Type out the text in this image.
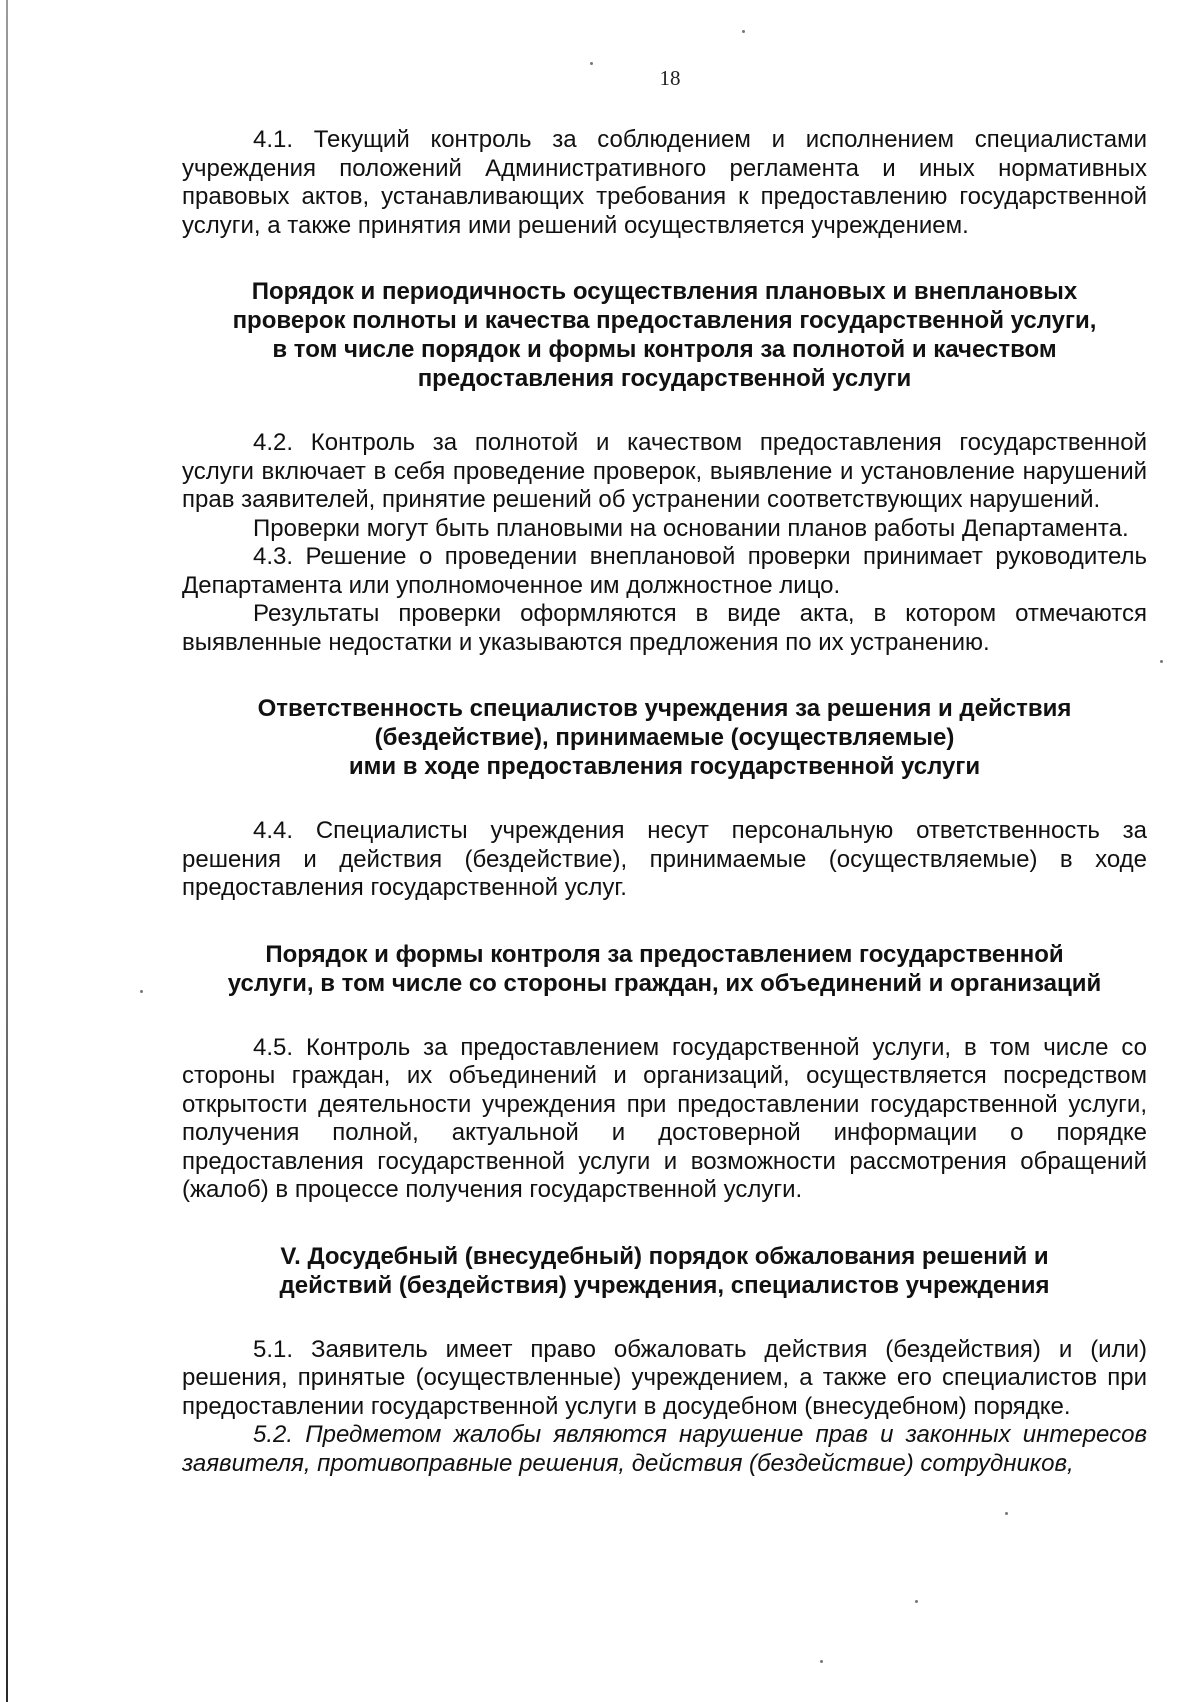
18

4.1. Текущий контроль за соблюдением и исполнением специалистами учреждения положений Административного регламента и иных нормативных правовых актов, устанавливающих требования к предоставлению государственной услуги, а также принятия ими решений осуществляется учреждением.

Порядок и периодичность осуществления плановых и внеплановых
проверок полноты и качества предоставления государственной услуги,
в том числе порядок и формы контроля за полнотой и качеством
предоставления государственной услуги

4.2. Контроль за полнотой и качеством предоставления государственной услуги включает в себя проведение проверок, выявление и установление нарушений прав заявителей, принятие решений об устранении соответствующих нарушений.

Проверки могут быть плановыми на основании планов работы Департамента.

4.3. Решение о проведении внеплановой проверки принимает руководитель Департамента или уполномоченное им должностное лицо.

Результаты проверки оформляются в виде акта, в котором отмечаются выявленные недостатки и указываются предложения по их устранению.

Ответственность специалистов учреждения за решения и действия
(бездействие), принимаемые (осуществляемые)
ими в ходе предоставления государственной услуги

4.4. Специалисты учреждения несут персональную ответственность за решения и действия (бездействие), принимаемые (осуществляемые) в ходе предоставления государственной услуг.

Порядок и формы контроля за предоставлением государственной
услуги, в том числе со стороны граждан, их объединений и организаций

4.5. Контроль за предоставлением государственной услуги, в том числе со стороны граждан, их объединений и организаций, осуществляется посредством открытости деятельности учреждения при предоставлении государственной услуги, получения полной, актуальной и достоверной информации о порядке предоставления государственной услуги и возможности рассмотрения обращений (жалоб) в процессе получения государственной услуги.

V. Досудебный (внесудебный) порядок обжалования решений и
действий (бездействия) учреждения, специалистов учреждения

5.1. Заявитель имеет право обжаловать действия (бездействия) и (или) решения, принятые (осуществленные) учреждением, а также его специалистов при предоставлении государственной услуги в досудебном (внесудебном) порядке.

5.2. Предметом жалобы являются нарушение прав и законных интересов заявителя, противоправные решения, действия (бездействие) сотрудников,
